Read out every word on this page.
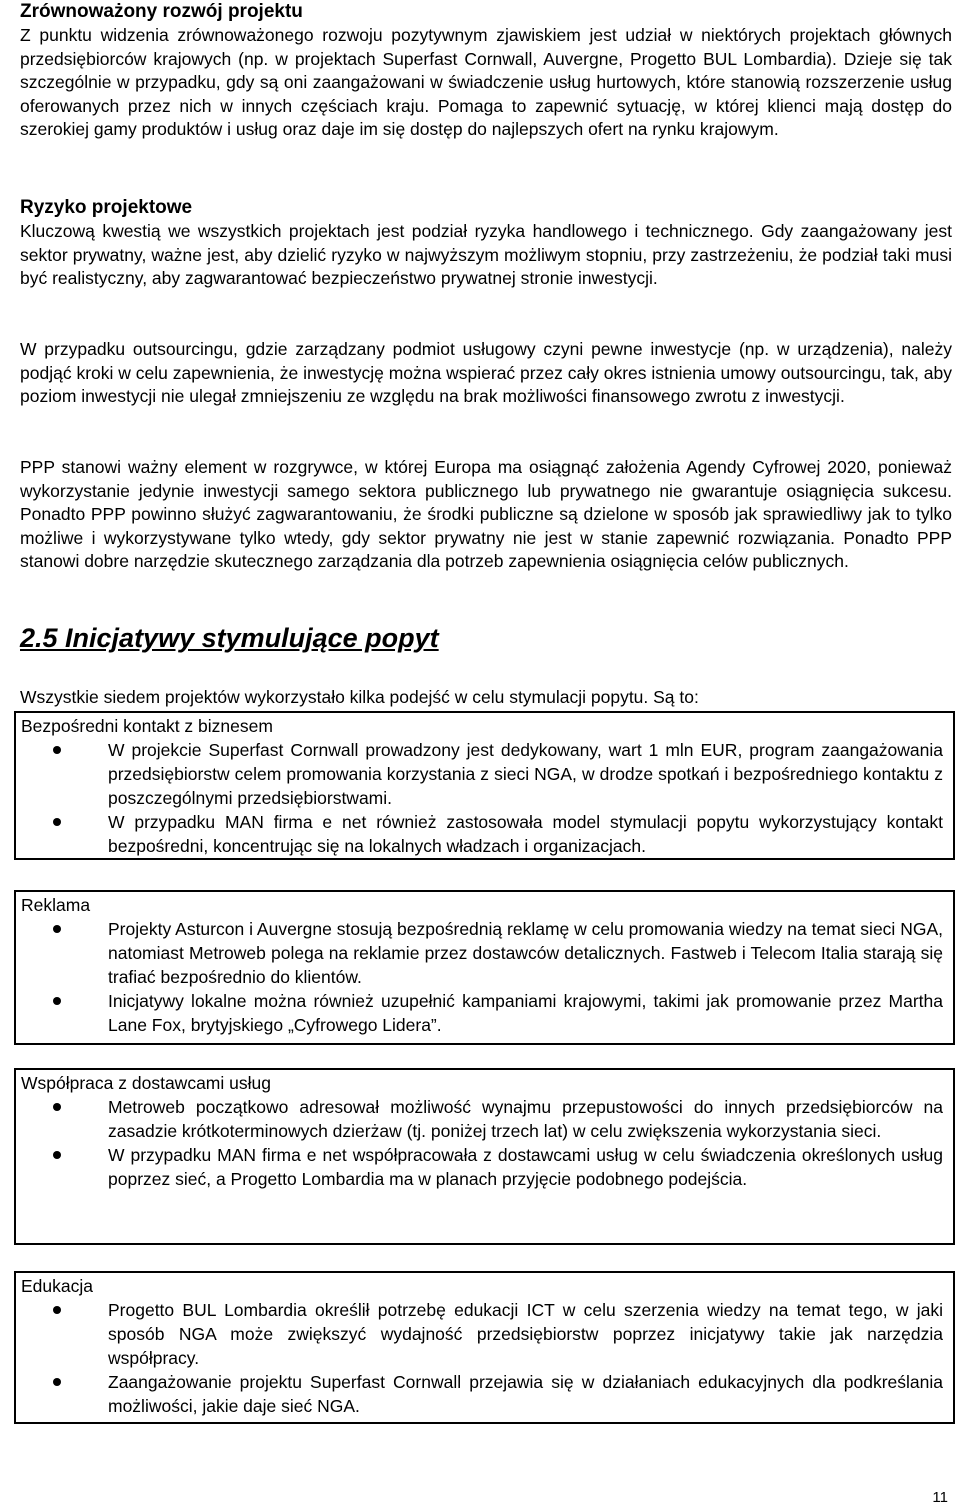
Zrównoważony rozwój projektu

Z punktu widzenia zrównoważonego rozwoju pozytywnym zjawiskiem jest udział w niektórych projektach głównych przedsiębiorców krajowych (np. w projektach Superfast Cornwall, Auvergne, Progetto BUL Lombardia). Dzieje się tak szczególnie w przypadku, gdy są oni zaangażowani w świadczenie usług hurtowych, które stanowią rozszerzenie usług oferowanych przez nich w innych częściach kraju. Pomaga to zapewnić sytuację, w której klienci mają dostęp do szerokiej gamy produktów i usług oraz daje im się dostęp do najlepszych ofert na rynku krajowym.

Ryzyko projektowe

Kluczową kwestią we wszystkich projektach jest podział ryzyka handlowego i technicznego. Gdy zaangażowany jest sektor prywatny, ważne jest, aby dzielić ryzyko w najwyższym możliwym stopniu, przy zastrzeżeniu, że podział taki musi być realistyczny, aby zagwarantować bezpieczeństwo prywatnej stronie inwestycji.

W przypadku outsourcingu, gdzie zarządzany podmiot usługowy czyni pewne inwestycje (np. w urządzenia), należy podjąć kroki w celu zapewnienia, że inwestycję można wspierać przez cały okres istnienia umowy outsourcingu, tak, aby poziom inwestycji nie ulegał zmniejszeniu ze względu na brak możliwości finansowego zwrotu z inwestycji.

PPP stanowi ważny element w rozgrywce, w której Europa ma osiągnąć założenia Agendy Cyfrowej 2020, ponieważ wykorzystanie jedynie inwestycji samego sektora publicznego lub prywatnego nie gwarantuje osiągnięcia sukcesu. Ponadto PPP powinno służyć zagwarantowaniu, że środki publiczne są dzielone w sposób jak sprawiedliwy jak to tylko możliwe i wykorzystywane tylko wtedy, gdy sektor prywatny nie jest w stanie zapewnić rozwiązania. Ponadto PPP stanowi dobre narzędzie skutecznego zarządzania dla potrzeb zapewnienia osiągnięcia celów publicznych.

2.5 Inicjatywy stymulujące popyt

Wszystkie siedem projektów wykorzystało kilka podejść w celu stymulacji popytu. Są to:

Bezpośredni kontakt z biznesem
W projekcie Superfast Cornwall prowadzony jest dedykowany, wart 1 mln EUR, program zaangażowania przedsiębiorstw celem promowania korzystania z sieci NGA, w drodze spotkań i bezpośredniego kontaktu z poszczególnymi przedsiębiorstwami.
W przypadku MAN firma e net również zastosowała model stymulacji popytu wykorzystujący kontakt bezpośredni, koncentrując się na lokalnych władzach i organizacjach.
Reklama
Projekty Asturcon i Auvergne stosują bezpośrednią reklamę w celu promowania wiedzy na temat sieci NGA, natomiast Metroweb polega na reklamie przez dostawców detalicznych. Fastweb i Telecom Italia starają się trafiać bezpośrednio do klientów.
Inicjatywy lokalne można również uzupełnić kampaniami krajowymi, takimi jak promowanie przez Martha Lane Fox, brytyjskiego „Cyfrowego Lidera”.
Współpraca z dostawcami usług
Metroweb początkowo adresował możliwość wynajmu przepustowości do innych przedsiębiorców na zasadzie krótkoterminowych dzierżaw (tj. poniżej trzech lat) w celu zwiększenia wykorzystania sieci.
W przypadku MAN firma e net współpracowała z dostawcami usług w celu świadczenia określonych usług poprzez sieć, a Progetto Lombardia ma w planach przyjęcie podobnego podejścia.
Edukacja
Progetto BUL Lombardia określił potrzebę edukacji ICT w celu szerzenia wiedzy na temat tego, w jaki sposób NGA może zwiększyć wydajność przedsiębiorstw poprzez inicjatywy takie jak narzędzia współpracy.
Zaangażowanie projektu Superfast Cornwall przejawia się w działaniach edukacyjnych dla podkreślania możliwości, jakie daje sieć NGA.
11
